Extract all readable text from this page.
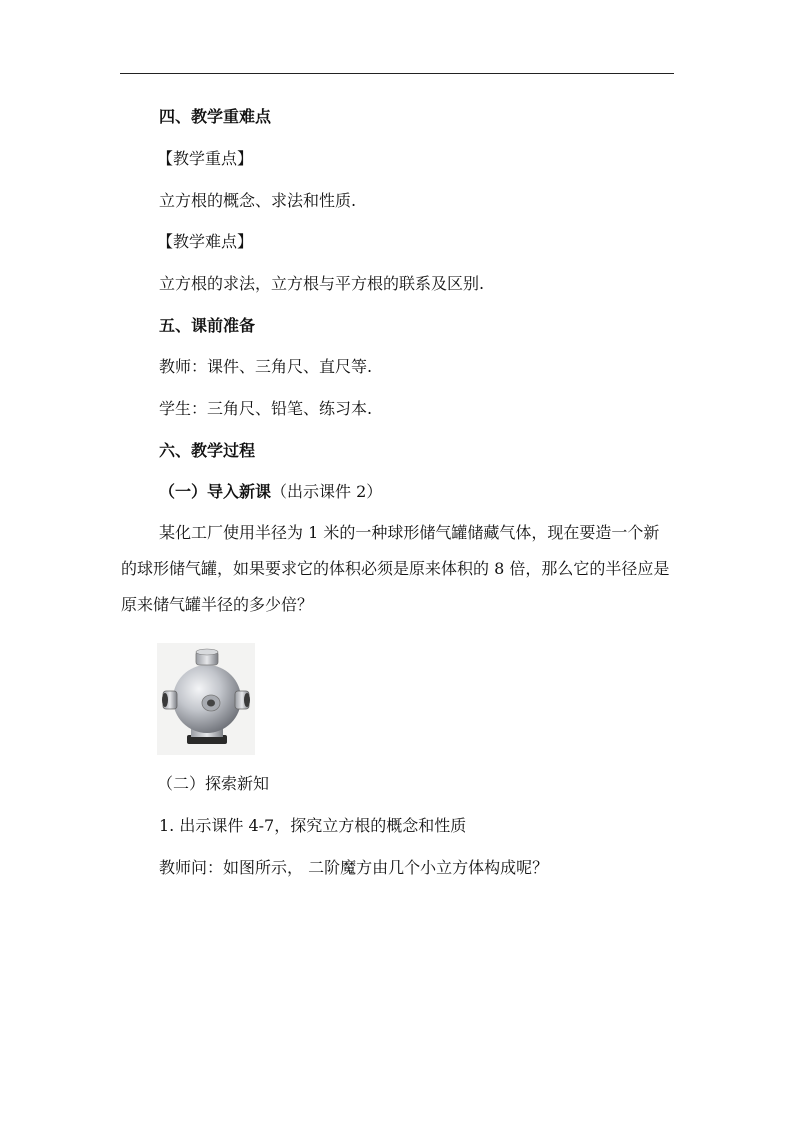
四、教学重难点
【教学重点】
立方根的概念、求法和性质.
【教学难点】
立方根的求法，立方根与平方根的联系及区别.
五、课前准备
教师：课件、三角尺、直尺等.
学生：三角尺、铅笔、练习本.
六、教学过程
（一）导入新课（出示课件 2）
某化工厂使用半径为 1 米的一种球形储气罐储藏气体，现在要造一个新的球形储气罐，如果要求它的体积必须是原来体积的 8 倍，那么它的半径应是原来储气罐半径的多少倍？
（二）探索新知
1. 出示课件 4-7，探究立方根的概念和性质
教师问：如图所示， 二阶魔方由几个小立方体构成呢？
